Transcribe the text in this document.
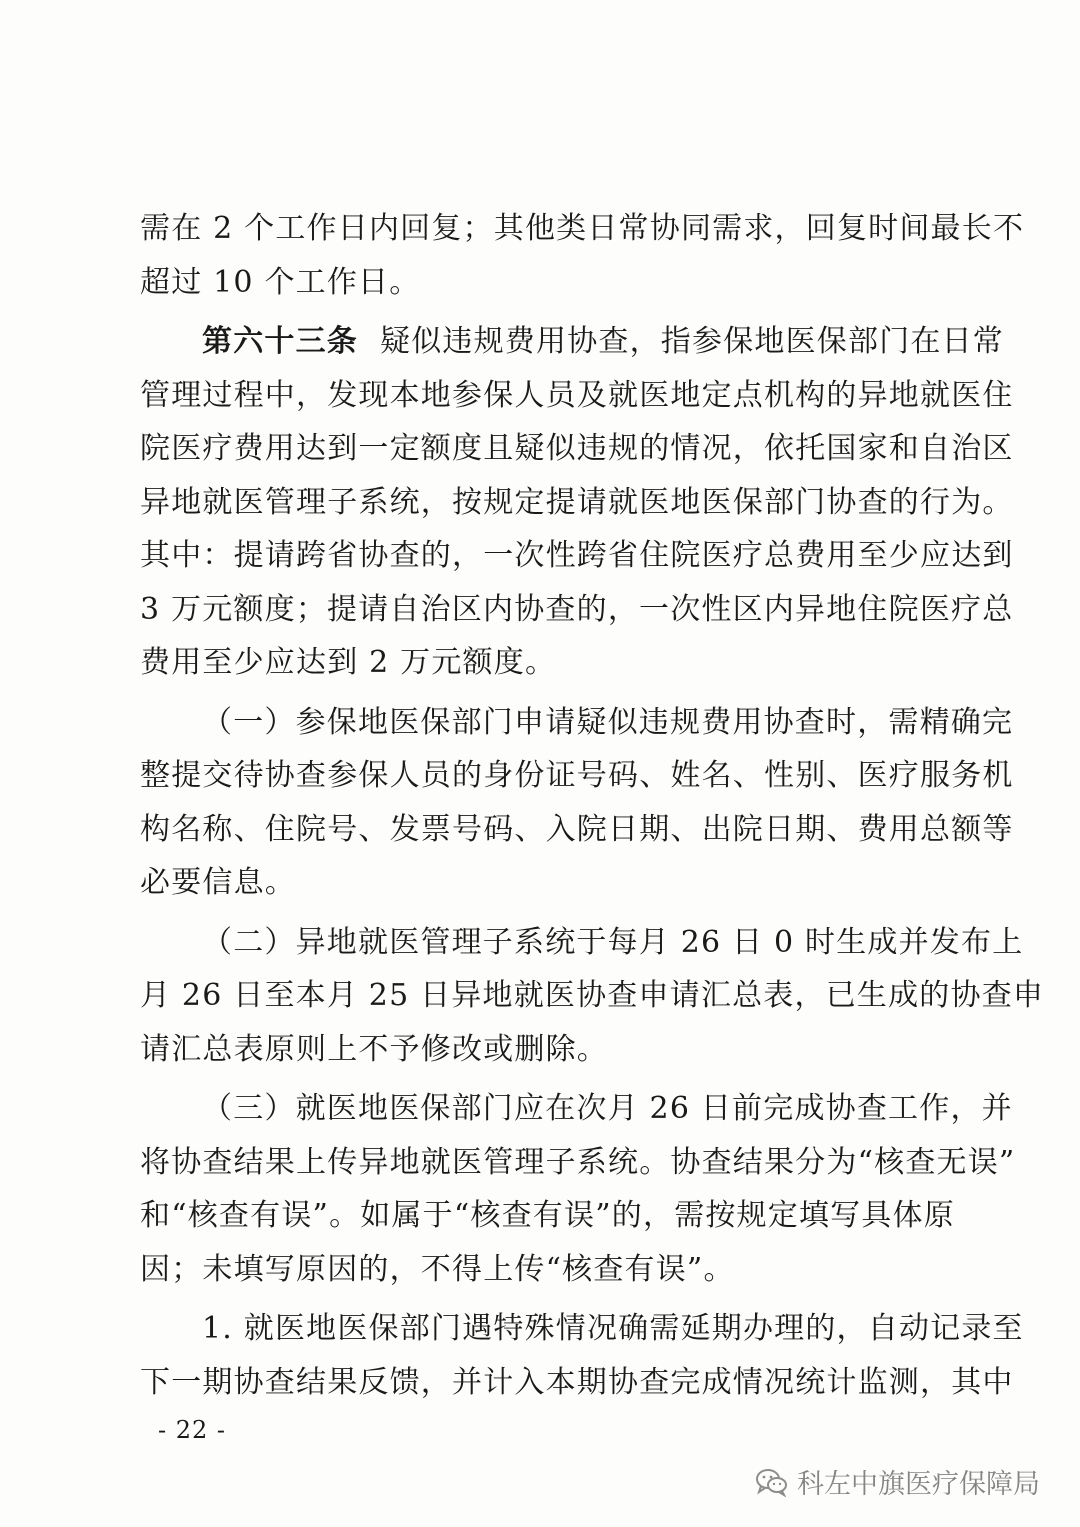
需在 2 个工作日内回复；其他类日常协同需求，回复时间最长不
超过 10 个工作日。
第六十三条 疑似违规费用协查，指参保地医保部门在日常
管理过程中，发现本地参保人员及就医地定点机构的异地就医住
院医疗费用达到一定额度且疑似违规的情况，依托国家和自治区
异地就医管理子系统，按规定提请就医地医保部门协查的行为。
其中：提请跨省协查的，一次性跨省住院医疗总费用至少应达到
3 万元额度；提请自治区内协查的，一次性区内异地住院医疗总
费用至少应达到 2 万元额度。
（一）参保地医保部门申请疑似违规费用协查时，需精确完
整提交待协查参保人员的身份证号码、姓名、性别、医疗服务机
构名称、住院号、发票号码、入院日期、出院日期、费用总额等
必要信息。
（二）异地就医管理子系统于每月 26 日 0 时生成并发布上
月 26 日至本月 25 日异地就医协查申请汇总表，已生成的协查申
请汇总表原则上不予修改或删除。
（三）就医地医保部门应在次月 26 日前完成协查工作，并
将协查结果上传异地就医管理子系统。协查结果分为“核查无误”
和“核查有误”。如属于“核查有误”的，需按规定填写具体原
因；未填写原因的，不得上传“核查有误”。
1. 就医地医保部门遇特殊情况确需延期办理的，自动记录至
下一期协查结果反馈，并计入本期协查完成情况统计监测，其中
- 22 -
科左中旗医疗保障局
